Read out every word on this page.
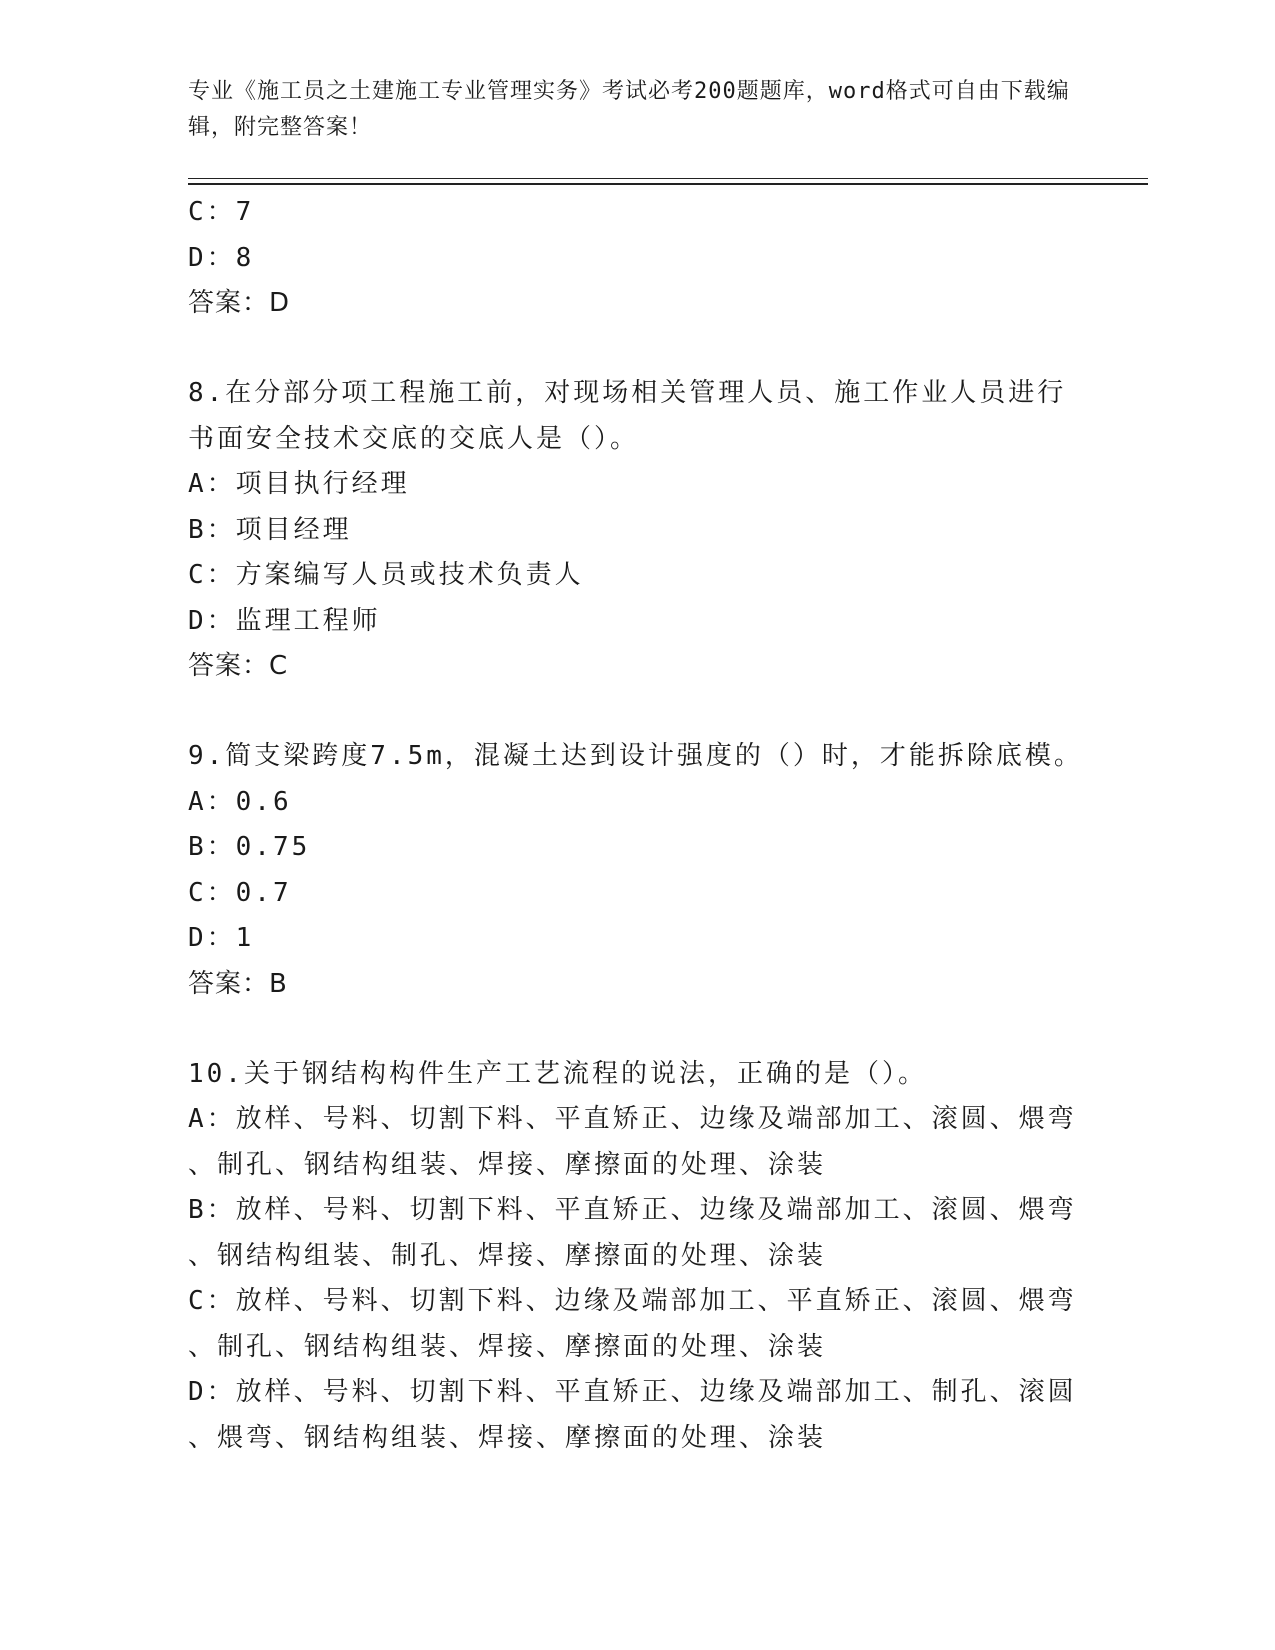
专业《施工员之土建施工专业管理实务》考试必考200题题库，word格式可自由下载编辑，附完整答案！
C：7
D：8
答案：D
8.在分部分项工程施工前，对现场相关管理人员、施工作业人员进行
书面安全技术交底的交底人是（）。
A：项目执行经理
B：项目经理
C：方案编写人员或技术负责人
D：监理工程师
答案：C
9.简支梁跨度7.5m，混凝土达到设计强度的（）时，才能拆除底模。
A：0.6
B：0.75
C：0.7
D：1
答案：B
10.关于钢结构构件生产工艺流程的说法，正确的是（）。
A：放样、号料、切割下料、平直矫正、边缘及端部加工、滚圆、煨弯
、制孔、钢结构组装、焊接、摩擦面的处理、涂装
B：放样、号料、切割下料、平直矫正、边缘及端部加工、滚圆、煨弯
、钢结构组装、制孔、焊接、摩擦面的处理、涂装
C：放样、号料、切割下料、边缘及端部加工、平直矫正、滚圆、煨弯
、制孔、钢结构组装、焊接、摩擦面的处理、涂装
D：放样、号料、切割下料、平直矫正、边缘及端部加工、制孔、滚圆
、煨弯、钢结构组装、焊接、摩擦面的处理、涂装
